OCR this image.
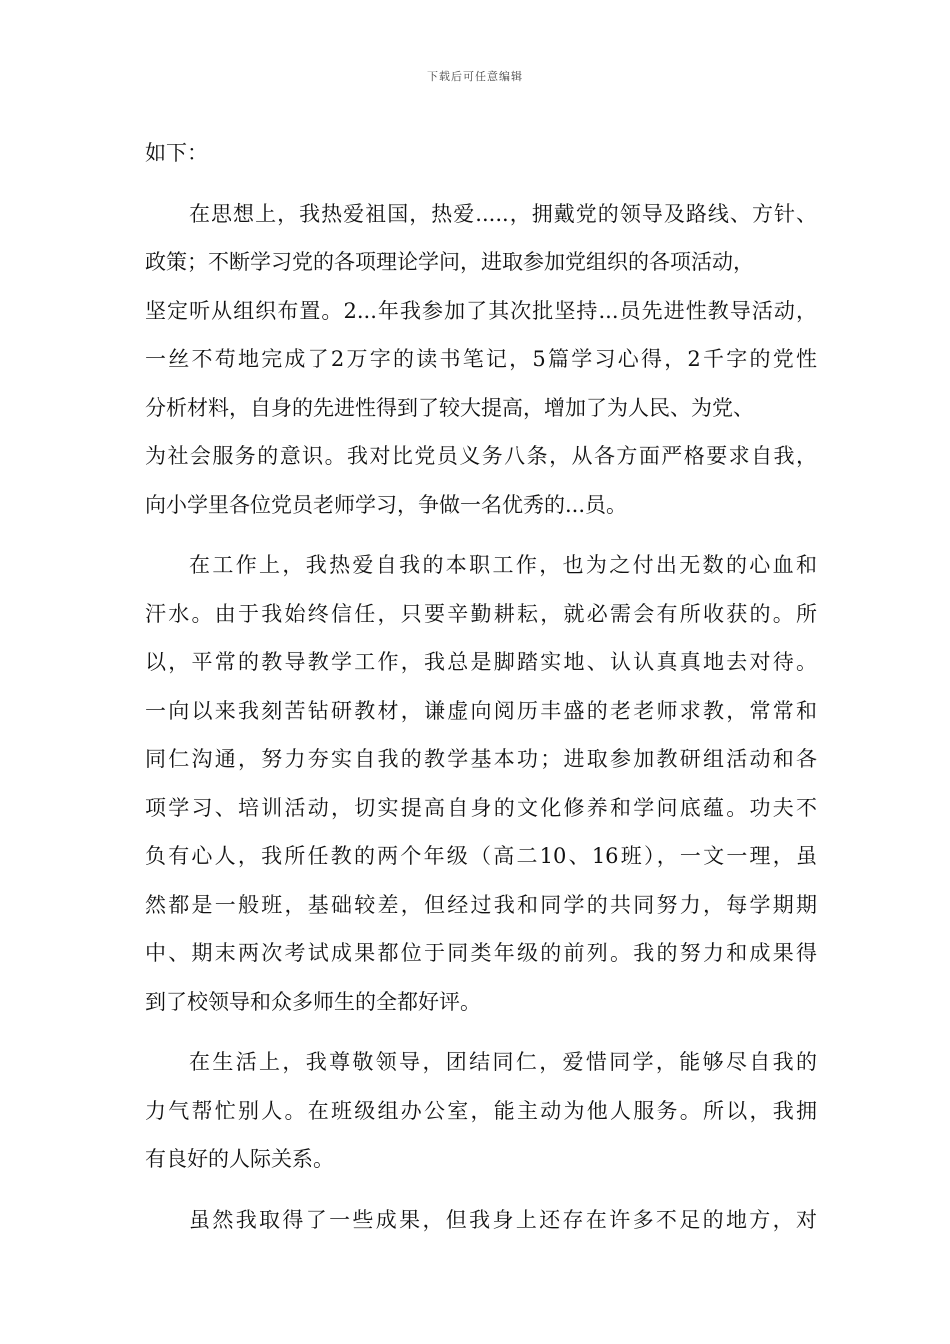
下载后可任意编辑
如下：
在思想上，我热爱祖国，热爱.....，拥戴党的领导及路线、方针、
政策；不断学习党的各项理论学问，进取参加党组织的各项活动，
坚定听从组织布置。2...年我参加了其次批坚持...员先进性教导活动，
一丝不苟地完成了2万字的读书笔记，5篇学习心得，2千字的党性
分析材料，自身的先进性得到了较大提高，增加了为人民、为党、
为社会服务的意识。我对比党员义务八条，从各方面严格要求自我，
向小学里各位党员老师学习，争做一名优秀的...员。
在工作上，我热爱自我的本职工作，也为之付出无数的心血和
汗水。由于我始终信任，只要辛勤耕耘，就必需会有所收获的。所
以，平常的教导教学工作，我总是脚踏实地、认认真真地去对待。
一向以来我刻苦钻研教材，谦虚向阅历丰盛的老老师求教，常常和
同仁沟通，努力夯实自我的教学基本功；进取参加教研组活动和各
项学习、培训活动，切实提高自身的文化修养和学问底蕴。功夫不
负有心人，我所任教的两个年级（高二10、16班），一文一理，虽
然都是一般班，基础较差，但经过我和同学的共同努力，每学期期
中、期末两次考试成果都位于同类年级的前列。我的努力和成果得
到了校领导和众多师生的全都好评。
在生活上，我尊敬领导，团结同仁，爱惜同学，能够尽自我的
力气帮忙别人。在班级组办公室，能主动为他人服务。所以，我拥
有良好的人际关系。
虽然我取得了一些成果，但我身上还存在许多不足的地方，对
